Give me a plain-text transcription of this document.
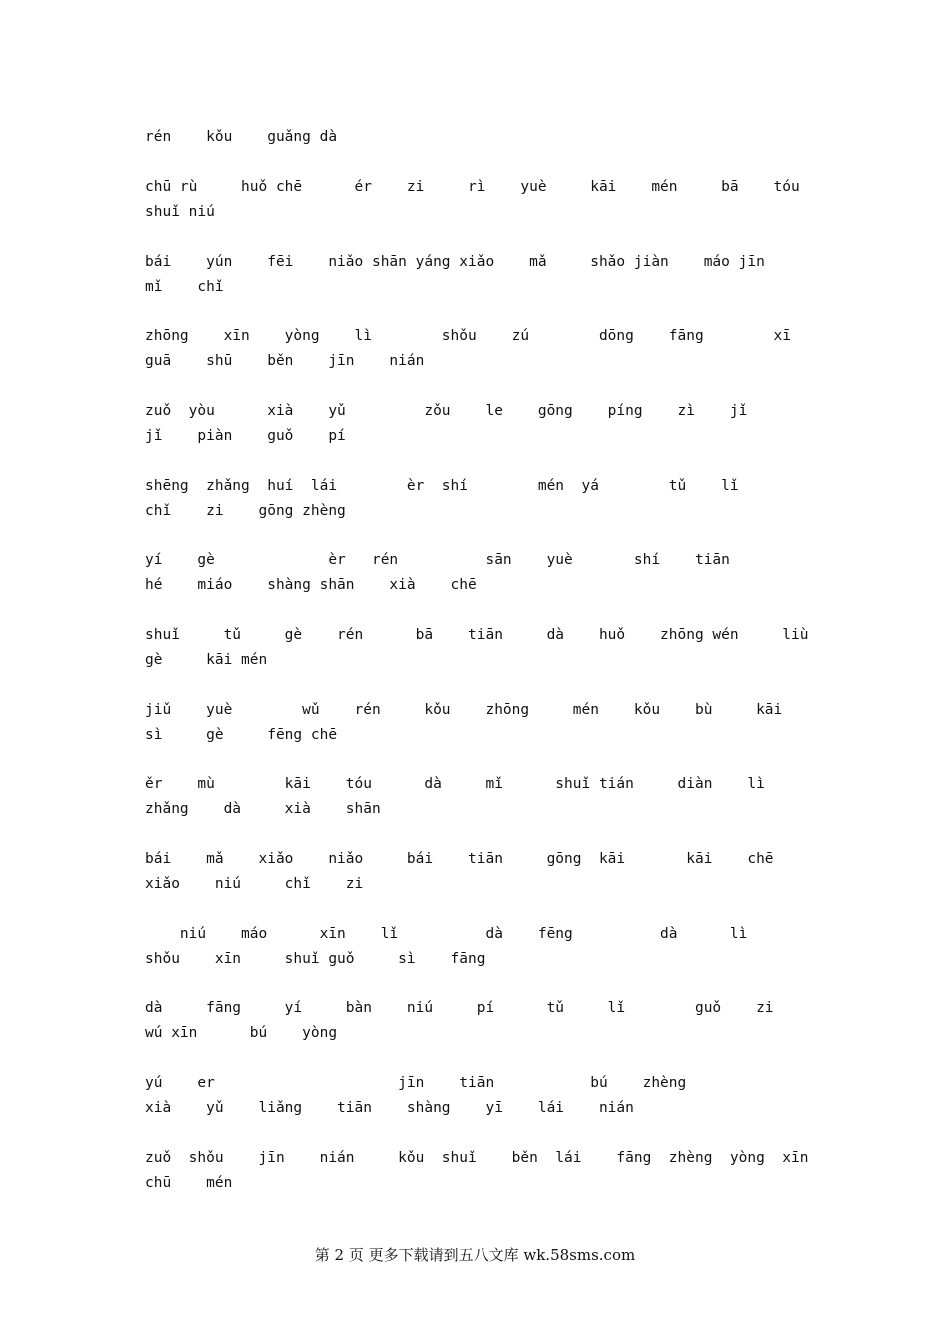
rén    kǒu    guǎng dà

chū rù     huǒ chē      ér    zi     rì    yuè     kāi    mén     bā    tóu

shuǐ niú

bái    yún    fēi    niǎo shān yáng xiǎo    mǎ     shǎo jiàn    máo jīn

mǐ    chǐ

zhōng    xīn    yòng    lì        shǒu    zú        dōng    fāng        xī

guā    shū    běn    jīn    nián

zuǒ  yòu      xià    yǔ         zǒu    le    gōng    píng    zì    jǐ

jǐ    piàn    guǒ    pí

shēng  zhǎng  huí  lái        èr  shí        mén  yá        tǔ    lǐ

chǐ    zi    gōng zhèng

yí    gè             èr   rén          sān    yuè       shí    tiān

hé    miáo    shàng shān    xià    chē

shuǐ     tǔ     gè    rén      bā    tiān     dà    huǒ    zhōng wén     liù

gè     kāi mén

jiǔ    yuè        wǔ    rén     kǒu    zhōng     mén    kǒu    bù     kāi

sì     gè     fēng chē

ěr    mù        kāi    tóu      dà     mǐ      shuǐ tián     diàn    lì

zhǎng    dà     xià    shān

bái    mǎ    xiǎo    niǎo     bái    tiān     gōng  kāi       kāi    chē

xiǎo    niú     chǐ    zi

niú    máo      xīn    lǐ          dà    fēng          dà      lì

shǒu    xīn     shuǐ guǒ     sì    fāng

dà     fāng     yí     bàn    niú     pí      tǔ     lǐ        guǒ    zi

wú xīn      bú    yòng

yú    er                     jīn    tiān           bú    zhèng

xià    yǔ    liǎng    tiān    shàng    yī    lái    nián

zuǒ  shǒu    jīn    nián     kǒu  shuǐ    běn  lái    fāng  zhèng  yòng  xīn

chū    mén

第 2 页 更多下载请到五八文库 wk.58sms.com
